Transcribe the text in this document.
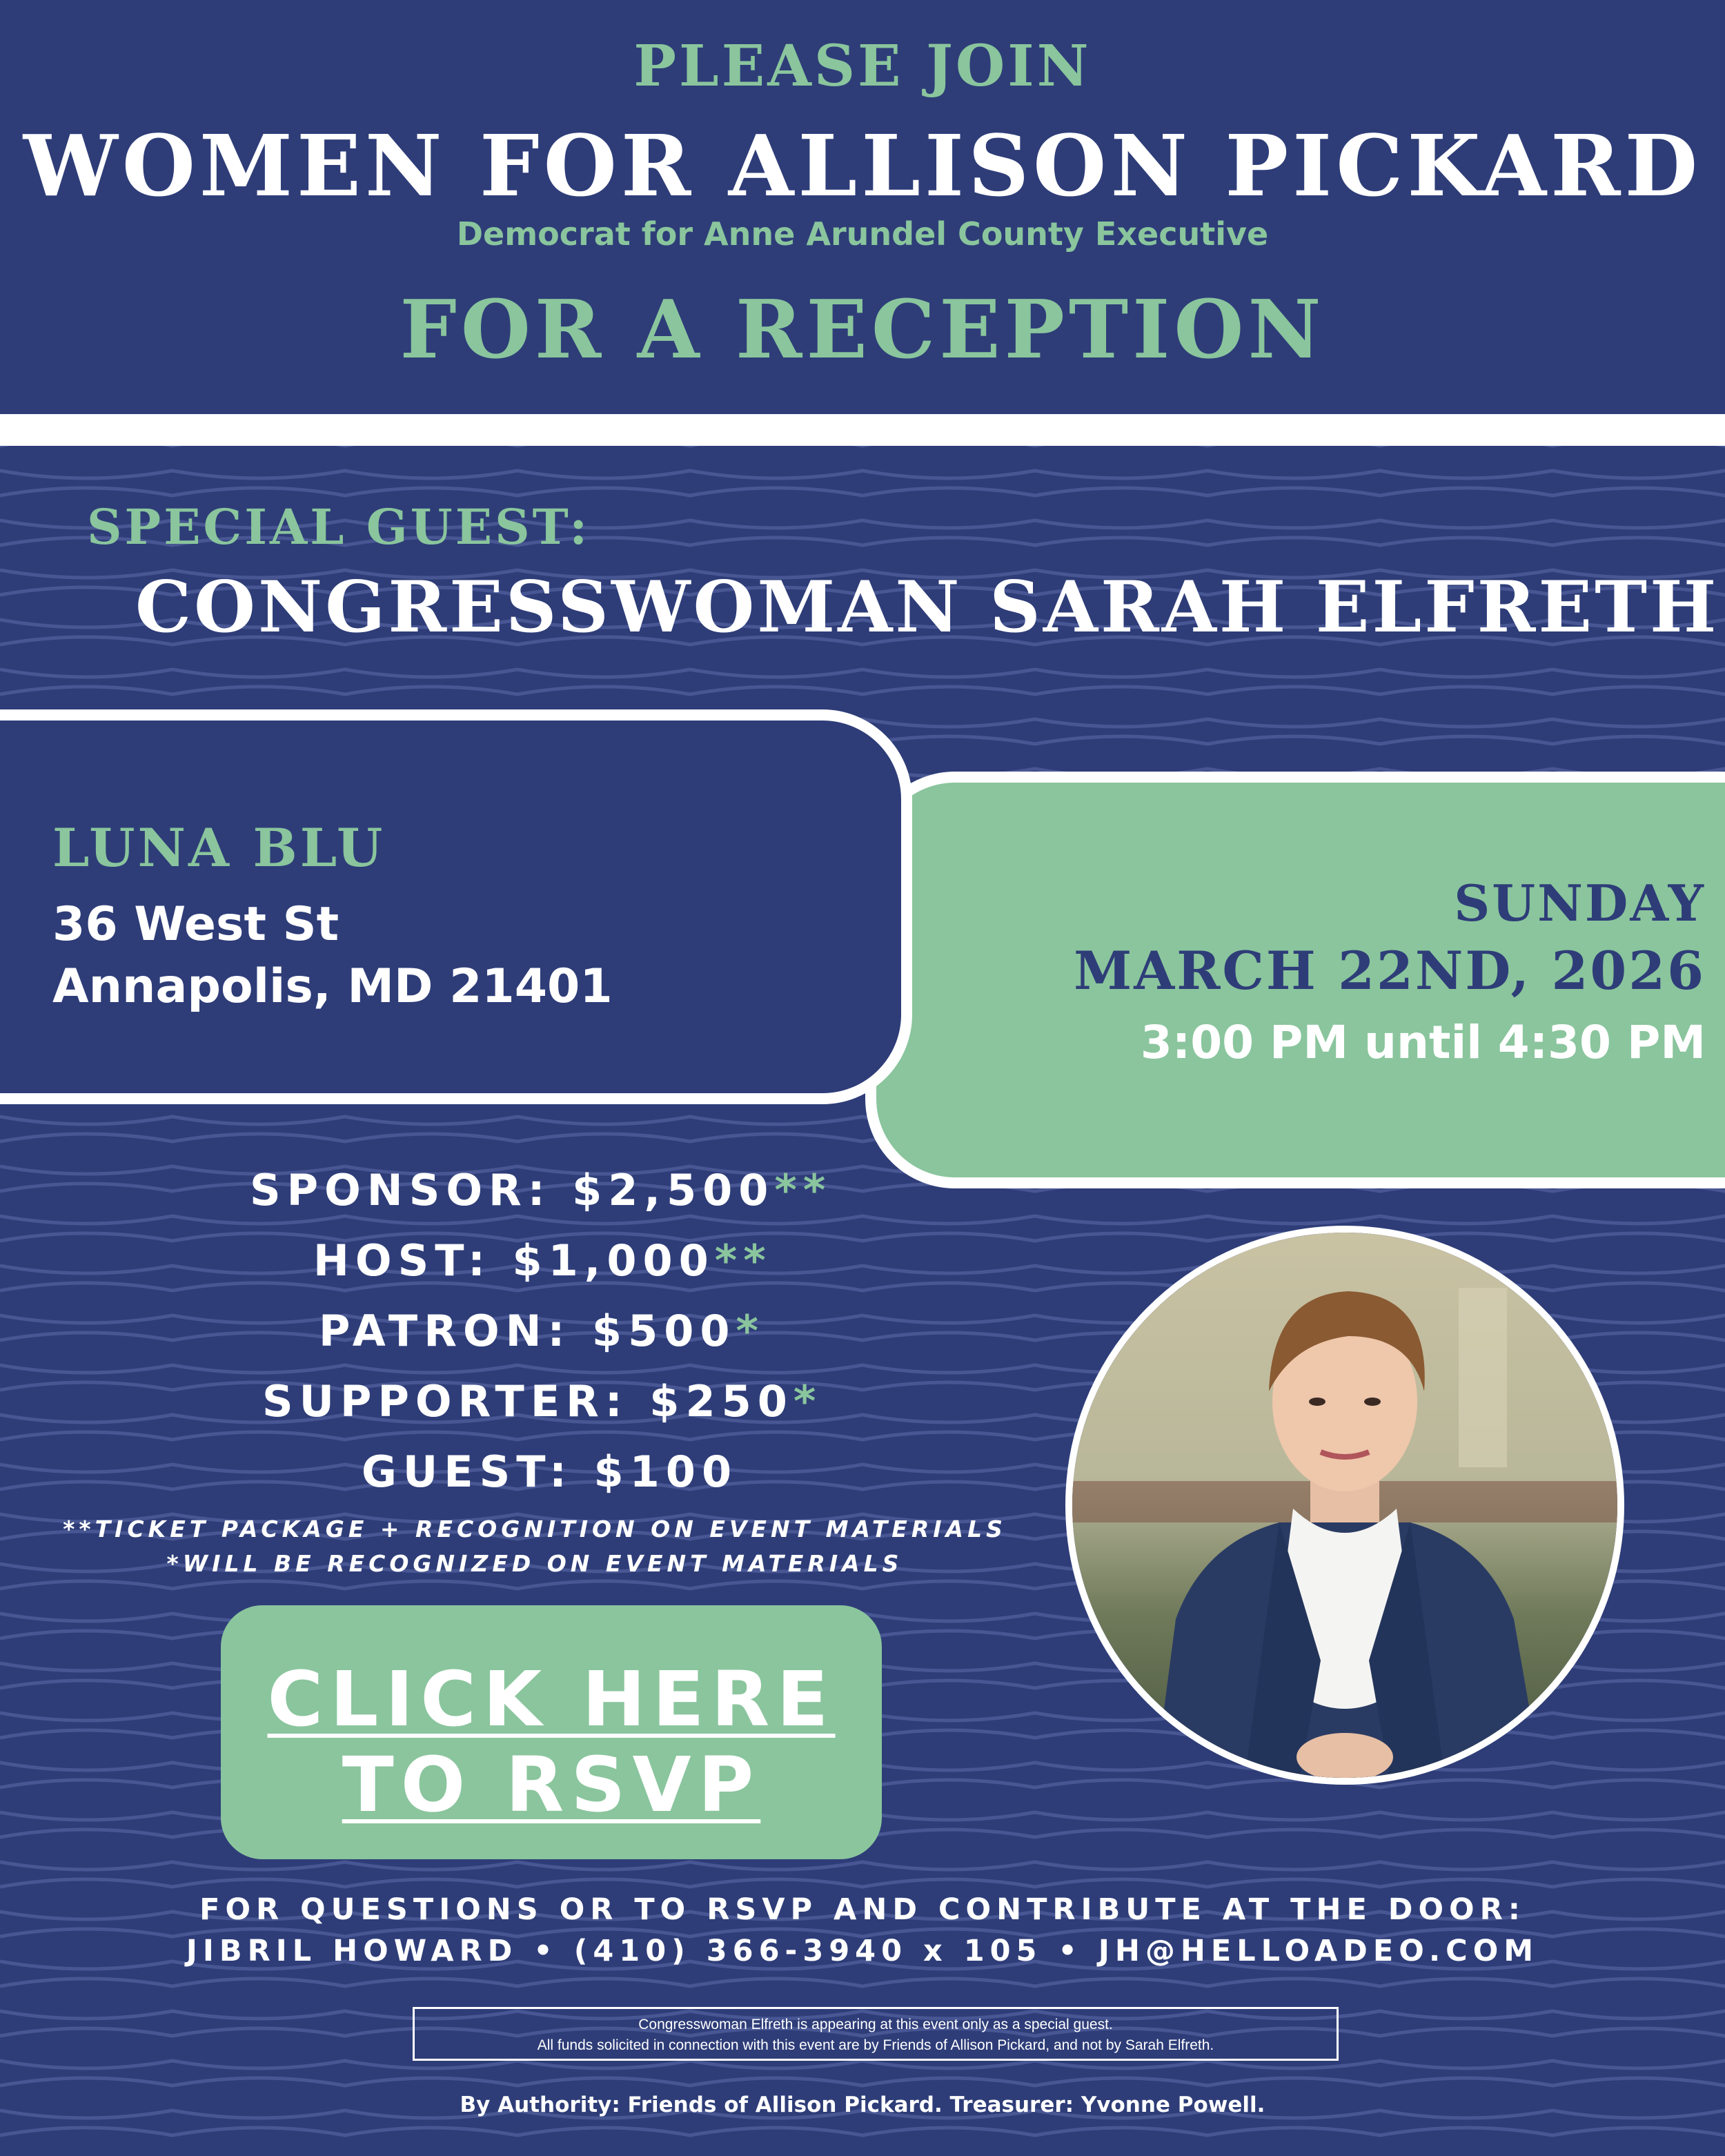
PLEASE JOIN
WOMEN FOR ALLISON PICKARD
Democrat for Anne Arundel County Executive
FOR A RECEPTION
SPECIAL GUEST:
CONGRESSWOMAN SARAH ELFRETH
SUNDAY
MARCH 22ND, 2026
3:00 PM until 4:30 PM
LUNA BLU
36 West St
Annapolis, MD 21401
SPONSOR: $2,500**
HOST: $1,000**
PATRON: $500*
SUPPORTER: $250*
GUEST: $100
**TICKET PACKAGE + RECOGNITION ON EVENT MATERIALS
*WILL BE RECOGNIZED ON EVENT MATERIALS
CLICK HERE
TO RSVP
FOR QUESTIONS OR TO RSVP AND CONTRIBUTE AT THE DOOR:
JIBRIL HOWARD • (410) 366-3940 x 105 • JH@HELLOADEO.COM
Congresswoman Elfreth is appearing at this event only as a special guest.
All funds solicited in connection with this event are by Friends of Allison Pickard, and not by Sarah Elfreth.
By Authority: Friends of Allison Pickard. Treasurer: Yvonne Powell.
